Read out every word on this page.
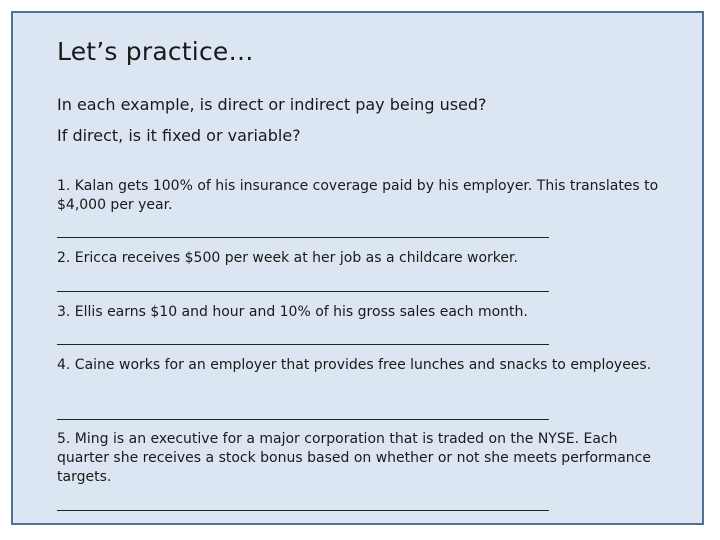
Let’s practice…
In each example, is direct or indirect pay being used?
If direct, is it fixed or variable?
1. Kalan gets 100% of his insurance coverage paid by his employer. This translates to $4,000 per year.
2. Ericca receives $500 per week at her job as a childcare worker.
3. Ellis earns $10 and hour and 10% of his gross sales each month.
4. Caine works for an employer that provides free lunches and snacks to employees.
5. Ming is an executive for a major corporation that is traded on the NYSE. Each quarter she receives a stock bonus based on whether or not she meets performance targets.
